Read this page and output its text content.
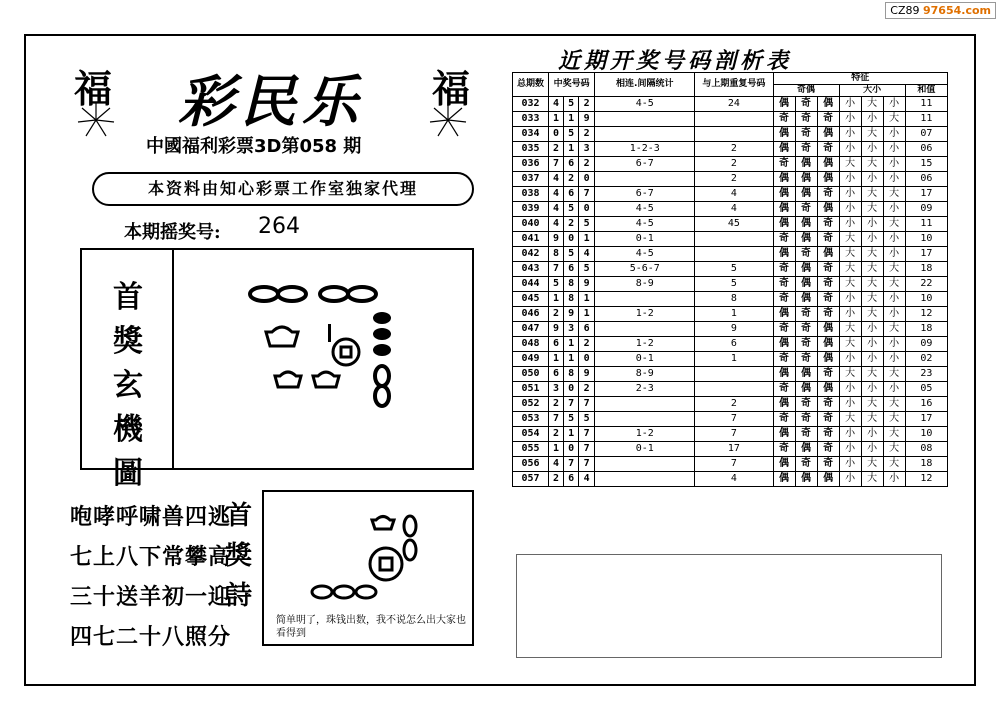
CZ89 97654.com
福	福
彩民乐
中國福利彩票3D第058 期
本资料由知心彩票工作室独家代理
本期摇奖号: 264
首
獎
玄
機
圖
咆哮呼啸兽四逃
七上八下常攀高
三十送羊初一迎
四七二十八照分
首
獎
詩
简单明了，珠钱出数，我不说怎么出大家也看得到
近期开奖号码剖析表
总期数	中奖号码			相连.间隔统计	与上期重复号码	特征						
						奇偶			大小			和值
032	4	5	2	4-5	24	偶	奇	偶	小	大	小	11
033	1	1	9			奇	奇	奇	小	小	大	11
034	0	5	2			偶	奇	偶	小	大	小	07
035	2	1	3	1-2-3	2	偶	奇	奇	小	小	小	06
036	7	6	2	6-7	2	奇	偶	偶	大	大	小	15
037	4	2	0		2	偶	偶	偶	小	小	小	06
038	4	6	7	6-7	4	偶	偶	奇	小	大	大	17
039	4	5	0	4-5	4	偶	奇	偶	小	大	小	09
040	4	2	5	4-5	45	偶	偶	奇	小	小	大	11
041	9	0	1	0-1		奇	偶	奇	大	小	小	10
042	8	5	4	4-5		偶	奇	偶	大	大	小	17
043	7	6	5	5-6-7	5	奇	偶	奇	大	大	大	18
044	5	8	9	8-9	5	奇	偶	奇	大	大	大	22
045	1	8	1		8	奇	偶	奇	小	大	小	10
046	2	9	1	1-2	1	偶	奇	奇	小	大	小	12
047	9	3	6		9	奇	奇	偶	大	小	大	18
048	6	1	2	1-2	6	偶	奇	偶	大	小	小	09
049	1	1	0	0-1	1	奇	奇	偶	小	小	小	02
050	6	8	9	8-9		偶	偶	奇	大	大	大	23
051	3	0	2	2-3		奇	偶	偶	小	小	小	05
052	2	7	7		2	偶	奇	奇	小	大	大	16
053	7	5	5		7	奇	奇	奇	大	大	大	17
054	2	1	7	1-2	7	偶	奇	奇	小	小	大	10
055	1	0	7	0-1	17	奇	偶	奇	小	小	大	08
056	4	7	7		7	偶	奇	奇	小	大	大	18
057	2	6	4		4	偶	偶	偶	小	大	小	12
